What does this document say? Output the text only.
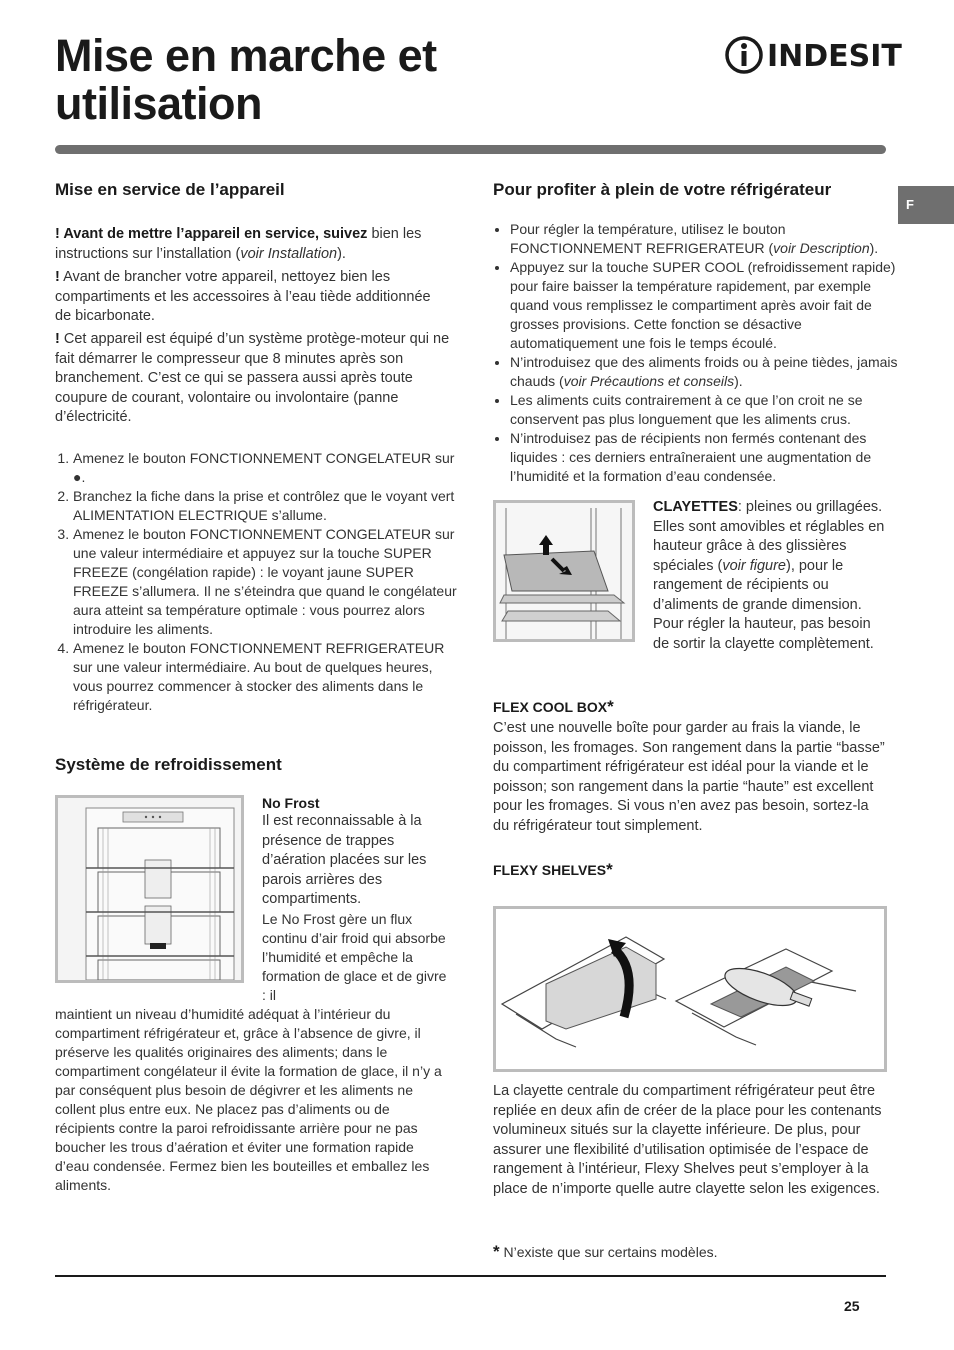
Mise en marche et
utilisation
INDESIT
F
Mise en service de l’appareil

! Avant de mettre l’appareil en service, suivez bien les instructions sur l’installation (voir Installation).

! Avant de brancher votre appareil, nettoyez bien les compartiments et les accessoires à l’eau tiède additionnée de bicarbonate.

! Cet appareil est équipé d’un système protège-moteur qui ne fait démarrer le compresseur que 8 minutes après son branchement. C’est ce qui se passera aussi après toute coupure de courant, volontaire ou involontaire (panne d’électricité.

1. Amenez le bouton FONCTIONNEMENT CONGELATEUR sur ●.
2. Branchez la fiche dans la prise et contrôlez que le voyant vert ALIMENTATION ELECTRIQUE s’allume.
3. Amenez le bouton FONCTIONNEMENT CONGELATEUR sur une valeur intermédiaire et appuyez sur la touche SUPER FREEZE (congélation rapide) : le voyant jaune SUPER FREEZE s’allumera. Il ne s’éteindra que quand le congélateur aura atteint sa température optimale : vous pourrez alors introduire les aliments.
4. Amenez le bouton FONCTIONNEMENT REFRIGERATEUR sur une valeur intermédiaire. Au bout de quelques heures, vous pourrez commencer à stocker des aliments dans le réfrigérateur.
Système de refroidissement

No Frost

Il est reconnaissable à la présence de trappes d’aération placées sur les parois arrières des compartiments.

Le No Frost gère un flux continu d’air froid qui absorbe l’humidité et empêche la formation de glace et de givre : il

maintient un niveau d’humidité adéquat à l’intérieur du compartiment réfrigérateur et, grâce à l’absence de givre, il préserve les qualités originaires des aliments; dans le compartiment congélateur il évite la formation de glace, il n’y a par conséquent plus besoin de dégivrer et les aliments ne collent plus entre eux. Ne placez pas d’aliments ou de récipients contre la paroi refroidissante arrière pour ne pas boucher les trous d’aération et éviter une formation rapide d’eau condensée. Fermez bien les bouteilles et emballez les aliments.

Pour profiter à plein de votre réfrigérateur
• Pour régler la température, utilisez le bouton FONCTIONNEMENT REFRIGERATEUR (voir Description).
• Appuyez sur la touche SUPER COOL (refroidissement rapide) pour faire baisser la température rapidement, par exemple quand vous remplissez le compartiment après avoir fait de grosses provisions. Cette fonction se désactive automatiquement une fois le temps écoulé.
• N’introduisez que des aliments froids ou à peine tièdes, jamais chauds (voir Précautions et conseils).
• Les aliments cuits contrairement à ce que l’on croit ne se conservent pas plus longuement que les aliments crus.
• N’introduisez pas de récipients non fermés contenant des liquides : ces derniers entraîneraient une augmentation de l’humidité et la formation d’eau condensée.

CLAYETTES: pleines ou grillagées.

Elles sont amovibles et réglables en hauteur grâce à des glissières spéciales (voir figure), pour le rangement de récipients ou d’aliments de grande dimension. Pour régler la hauteur, pas besoin de sortir la clayette complètement.

FLEX COOL BOX*

C’est une nouvelle boîte pour garder au frais la viande, le poisson, les fromages. Son rangement dans la partie “basse” du compartiment réfrigérateur est idéal pour la viande et le poisson; son rangement dans la partie “haute” est excellent pour les fromages. Si vous n’en avez pas besoin, sortez-la du réfrigérateur tout simplement.

FLEXY SHELVES*

La clayette centrale du compartiment réfrigérateur peut être repliée en deux afin de créer de la place pour les contenants volumineux situés sur la clayette inférieure. De plus, pour assurer une flexibilité d’utilisation optimisée de l’espace de rangement à l’intérieur, Flexy Shelves peut s’employer à la place de n’importe quelle autre clayette selon les exigences.

* N’existe que sur certains modèles.

25
